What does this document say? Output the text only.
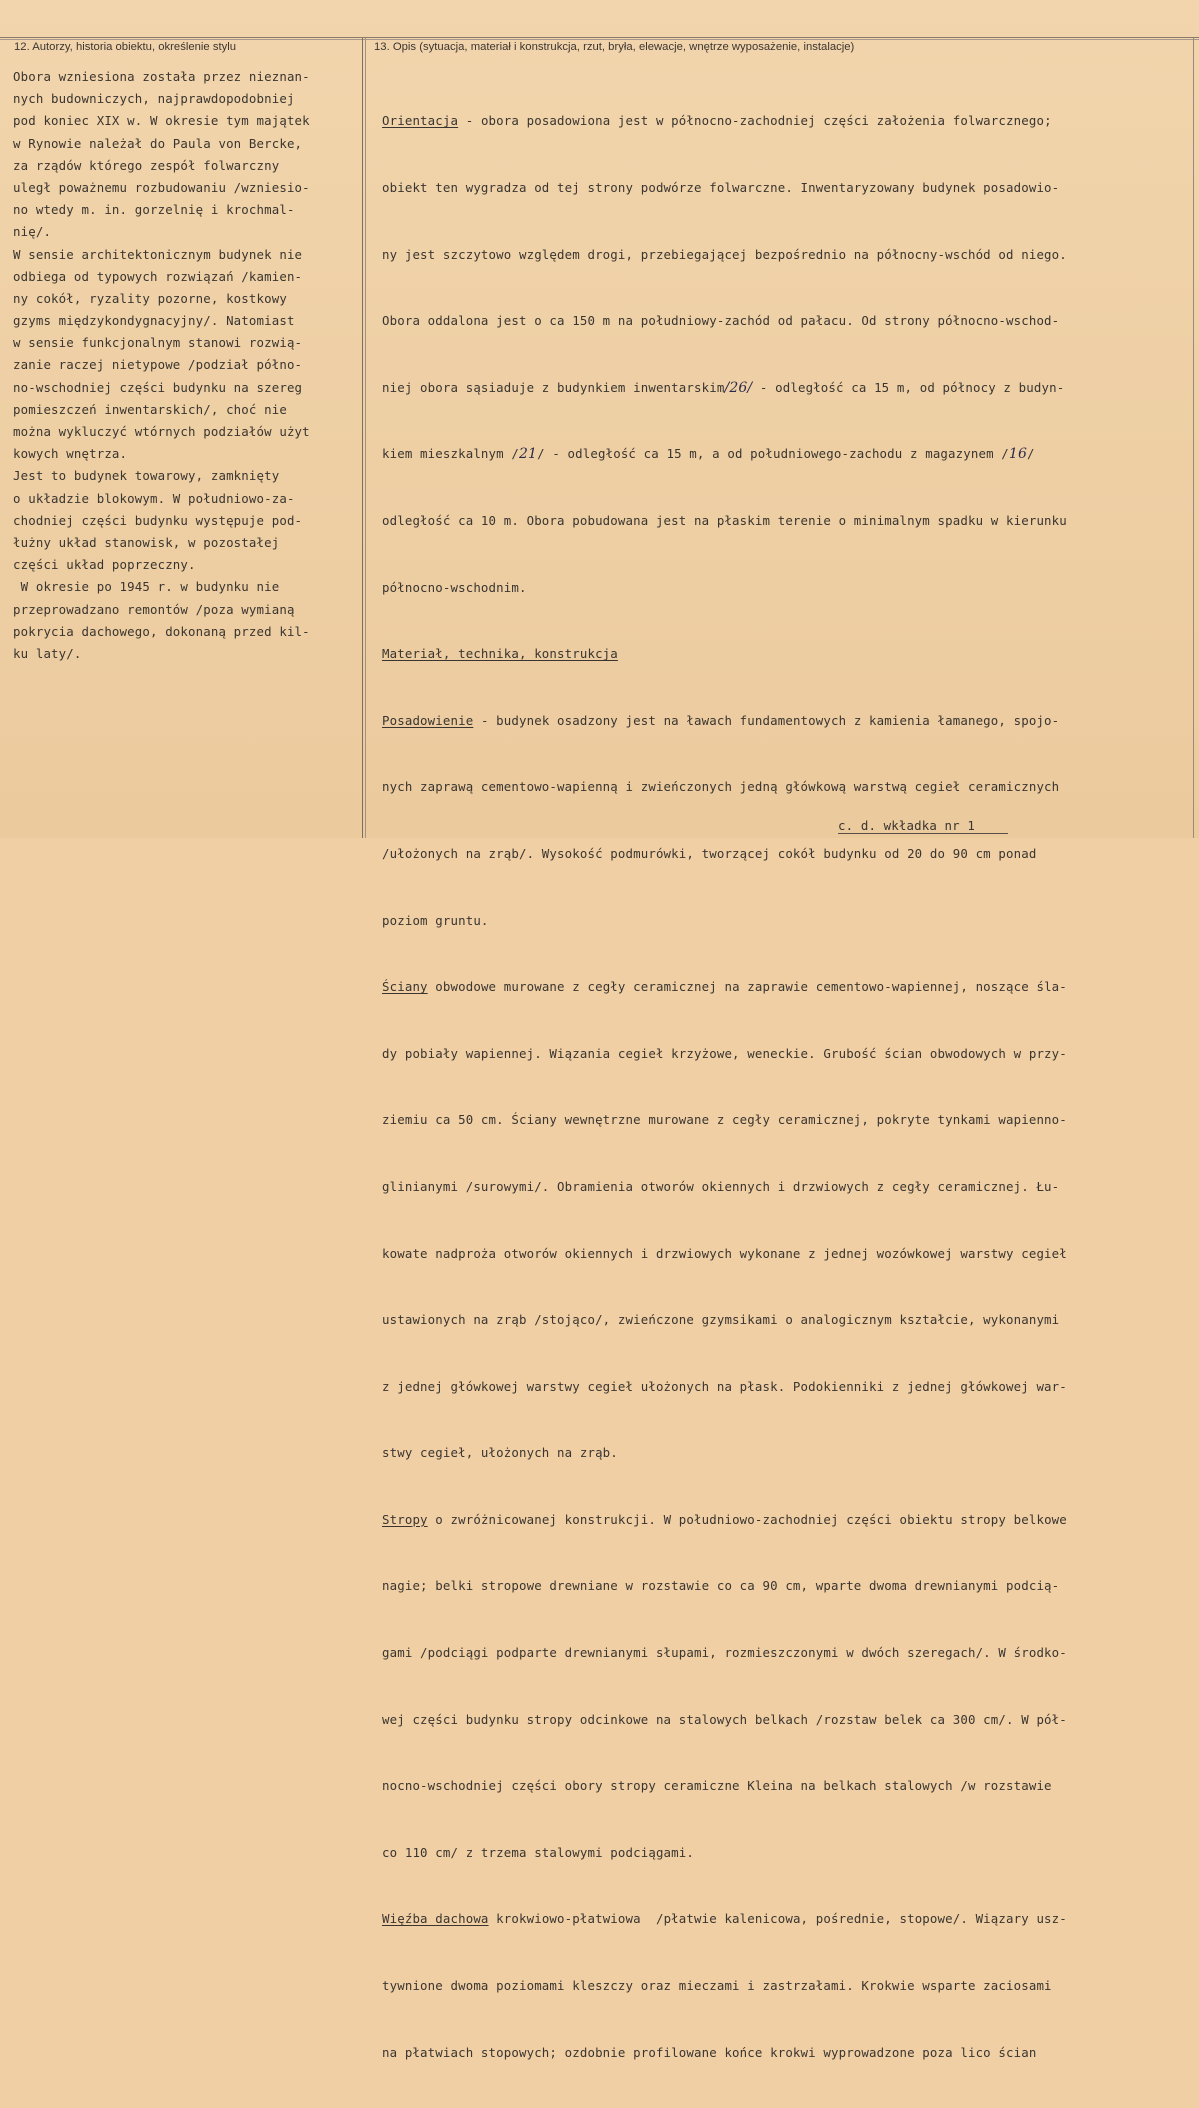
12. Autorzy, historia obiektu, określenie stylu	13. Opis (sytuacja, materiał i konstrukcja, rzut, bryła, elewacje, wnętrze wyposażenie, instalacje)
Obora wzniesiona została przez nieznan-
nych budowniczych, najprawdopodobniej
pod koniec XIX w. W okresie tym majątek
w Rynowie należał do Paula von Bercke,
za rządów którego zespół folwarczny
uległ poważnemu rozbudowaniu /wzniesio-
no wtedy m. in. gorzelnię i krochmal-
nię/.
W sensie architektonicznym budynek nie
odbiega od typowych rozwiązań /kamien-
ny cokół, ryzality pozorne, kostkowy
gzyms międzykondygnacyjny/. Natomiast
w sensie funkcjonalnym stanowi rozwią-
zanie raczej nietypowe /podział półno-
no-wschodniej części budynku na szereg
pomieszczeń inwentarskich/, choć nie
można wykluczyć wtórnych podziałów użyt
kowych wnętrza.
Jest to budynek towarowy, zamknięty
o układzie blokowym. W południowo-za-
chodniej części budynku występuje pod-
łużny układ stanowisk, w pozostałej
części układ poprzeczny.
W okresie po 1945 r. w budynku nie
przeprowadzano remontów /poza wymianą
pokrycia dachowego, dokonaną przed kil-
ku laty/.

Orientacja - obora posadowiona jest w północno-zachodniej części założenia folwarcznego;

obiekt ten wygradza od tej strony podwórze folwarczne. Inwentaryzowany budynek posadowio-

ny jest szczytowo względem drogi, przebiegającej bezpośrednio na północny-wschód od niego.

Obora oddalona jest o ca 150 m na południowy-zachód od pałacu. Od strony północno-wschod-

niej obora sąsiaduje z budynkiem inwentarskim/26/ - odległość ca 15 m, od północy z budyn-

kiem mieszkalnym /21/ - odległość ca 15 m, a od południowego-zachodu z magazynem /16/

odległość ca 10 m. Obora pobudowana jest na płaskim terenie o minimalnym spadku w kierunku

północno-wschodnim.

Materiał, technika, konstrukcja

Posadowienie - budynek osadzony jest na ławach fundamentowych z kamienia łamanego, spojo-

nych zaprawą cementowo-wapienną i zwieńczonych jedną główkową warstwą cegieł ceramicznych

/ułożonych na zrąb/. Wysokość podmurówki, tworzącej cokół budynku od 20 do 90 cm ponad

poziom gruntu.

Ściany obwodowe murowane z cegły ceramicznej na zaprawie cementowo-wapiennej, noszące śla-

dy pobiały wapiennej. Wiązania cegieł krzyżowe, weneckie. Grubość ścian obwodowych w przy-

ziemiu ca 50 cm. Ściany wewnętrzne murowane z cegły ceramicznej, pokryte tynkami wapienno-

glinianymi /surowymi/. Obramienia otworów okiennych i drzwiowych z cegły ceramicznej. Łu-

kowate nadproża otworów okiennych i drzwiowych wykonane z jednej wozówkowej warstwy cegieł

ustawionych na zrąb /stojąco/, zwieńczone gzymsikami o analogicznym kształcie, wykonanymi

z jednej główkowej warstwy cegieł ułożonych na płask. Podokienniki z jednej główkowej war-

stwy cegieł, ułożonych na zrąb.

Stropy o zwróżnicowanej konstrukcji. W południowo-zachodniej części obiektu stropy belkowe

nagie; belki stropowe drewniane w rozstawie co ca 90 cm, wparte dwoma drewnianymi podcią-

gami /podciągi podparte drewnianymi słupami, rozmieszczonymi w dwóch szeregach/. W środko-

wej części budynku stropy odcinkowe na stalowych belkach /rozstaw belek ca 300 cm/. W pół-

nocno-wschodniej części obory stropy ceramiczne Kleina na belkach stalowych /w rozstawie

co 110 cm/ z trzema stalowymi podciągami.

Więźba dachowa krokwiowo-płatwiowa  /płatwie kalenicowa, pośrednie, stopowe/. Wiązary usz-

tywnione dwoma poziomami kleszczy oraz mieczami i zastrzałami. Krokwie wsparte zaciosami

na płatwiach stopowych; ozdobnie profilowane końce krokwi wyprowadzone poza lico ścian

c. d. wkładka nr 1
